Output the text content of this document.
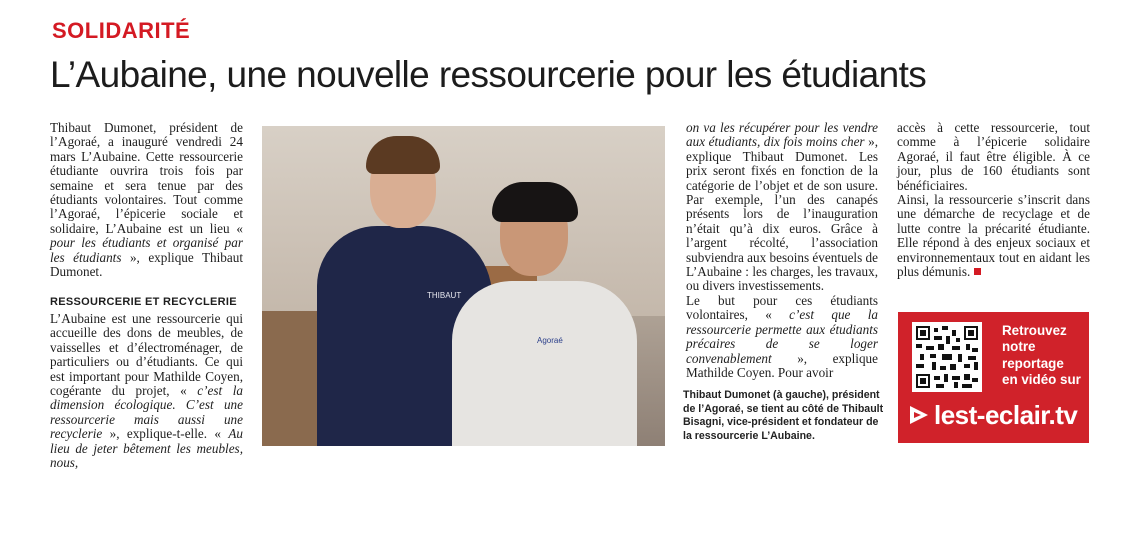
SOLIDARITÉ
L’Aubaine, une nouvelle ressourcerie pour les étudiants

Thibaut Dumonet, président de l’Agoraé, a inauguré vendredi 24 mars L’Aubaine. Cette ressourcerie étudiante ouvrira trois fois par semaine et sera tenue par des étudiants volontaires. Tout comme l’Agoraé, l’épicerie sociale et solidaire, L’Aubaine est un lieu « pour les étudiants et organisé par les étudiants », explique Thibaut Dumonet.

RESSOURCERIE ET RECYCLERIE

L’Aubaine est une ressourcerie qui accueille des dons de meubles, de vaisselles et d’électroménager, de particuliers ou d’étudiants. Ce qui est important pour Mathilde Coyen, cogérante du projet, « c’est la dimension écologique. C’est une ressourcerie mais aussi une recyclerie », explique-t-elle. « Au lieu de jeter bêtement les meubles, nous,

THIBAUT
Agoraé

on va les récupérer pour les vendre aux étudiants, dix fois moins cher », explique Thibaut Dumonet. Les prix seront fixés en fonction de la catégorie de l’objet et de son usure. Par exemple, l’un des canapés présents lors de l’inauguration n’était qu’à dix euros. Grâce à l’argent récolté, l’association subviendra aux besoins éventuels de L’Aubaine : les charges, les travaux, ou divers investissements.

Le but pour ces étudiants volontaires, « c’est que la ressourcerie permette aux étudiants précaires de se loger convenablement », explique Mathilde Coyen. Pour avoir

Thibaut Dumonet (à gauche), président de l’Agoraé, se tient au côté de Thibault Bisagni, vice-président et fondateur de la ressourcerie L’Aubaine.

accès à cette ressourcerie, tout comme à l’épicerie solidaire Agoraé, il faut être éligible. À ce jour, plus de 160 étudiants sont bénéficiaires.

Ainsi, la ressourcerie s’inscrit dans une démarche de recyclage et de lutte contre la précarité étudiante. Elle répond à des enjeux sociaux et environnementaux tout en aidant les plus démunis.

Retrouvez

notre

reportage

en vidéo sur

lest-eclair.tv
